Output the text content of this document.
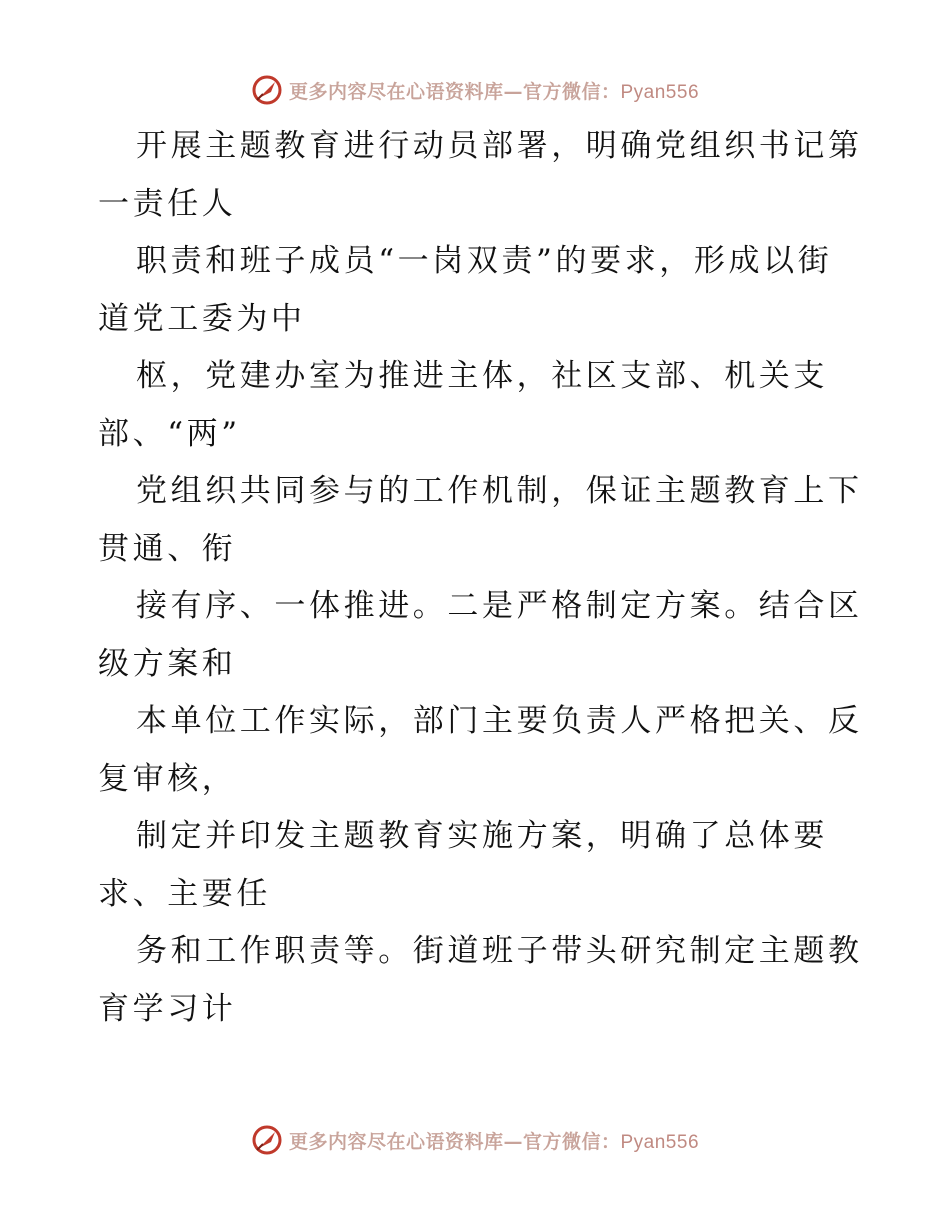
更多内容尽在心语资料库—官方微信：Pyan556
开展主题教育进行动员部署，明确党组织书记第
一责任人
职责和班子成员“一岗双责”的要求，形成以街
道党工委为中
枢，党建办室为推进主体，社区支部、机关支
部、“两”
党组织共同参与的工作机制，保证主题教育上下
贯通、衔
接有序、一体推进。二是严格制定方案。结合区
级方案和
本单位工作实际，部门主要负责人严格把关、反
复审核，
制定并印发主题教育实施方案，明确了总体要
求、主要任
务和工作职责等。街道班子带头研究制定主题教
育学习计
更多内容尽在心语资料库—官方微信：Pyan556
